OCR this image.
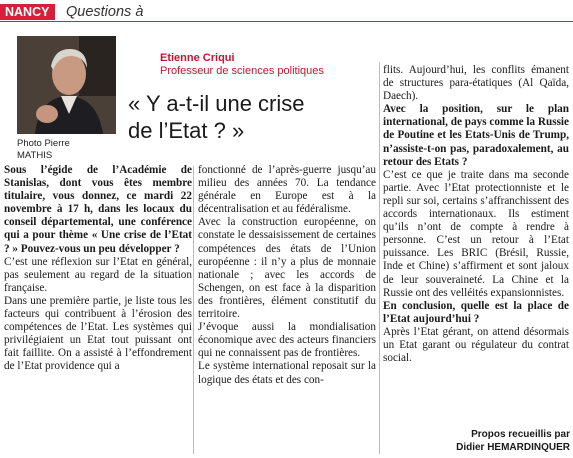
NANCY	Questions à
Photo Pierre
MATHIS
Etienne Criqui
Professeur de sciences politiques
« Y a-t-il une crise
de l’Etat ? »

Sous l’égide de l’Académie de Stanislas, dont vous êtes membre titulaire, vous donnez, ce mardi 22 novembre à 17 h, dans les locaux du conseil départemental, une conférence qui a pour thème « Une crise de l’Etat ? » Pouvez-vous un peu développer ?

C’est une réflexion sur l’Etat en général, pas seulement au regard de la situation française.

Dans une première partie, je liste tous les facteurs qui contribuent à l’érosion des compétences de l’Etat. Les systèmes qui privilégiaient un Etat tout puissant ont fait faillite. On a assisté à l’effondrement de l’Etat providence qui a

fonctionné de l’après-guerre jusqu’au milieu des années 70. La tendance générale en Europe est à la décentralisation et au fédéralisme.

Avec la construction européenne, on constate le dessaisissement de certaines compétences des états de l’Union européenne : il n’y a plus de monnaie nationale ; avec les accords de Schengen, on est face à la disparition des frontières, élément constitutif du territoire.

J’évoque aussi la mondialisation économique avec des acteurs financiers qui ne connaissent pas de frontières.

Le système international reposait sur la logique des états et des con-

flits. Aujourd’hui, les conflits émanent de structures para-étatiques (Al Qaïda, Daech).

Avec la position, sur le plan international, de pays comme la Russie de Poutine et les Etats-Unis de Trump, n’assiste-t-on pas, paradoxalement, au retour des Etats ?

C’est ce que je traite dans ma seconde partie. Avec l’Etat protectionniste et le repli sur soi, certains s’affranchissent des accords internationaux. Ils estiment qu’ils n’ont de compte à rendre à personne. C’est un retour à l’Etat puissance. Les BRIC (Brésil, Russie, Inde et Chine) s’affirment et sont jaloux de leur souveraineté. La Chine et la Russie ont des velléités expansionnistes.

En conclusion, quelle est la place de l’Etat aujourd’hui ?

Après l’Etat gérant, on attend désormais un Etat garant ou régulateur du contrat social.

Propos recueillis par
Didier HEMARDINQUER
